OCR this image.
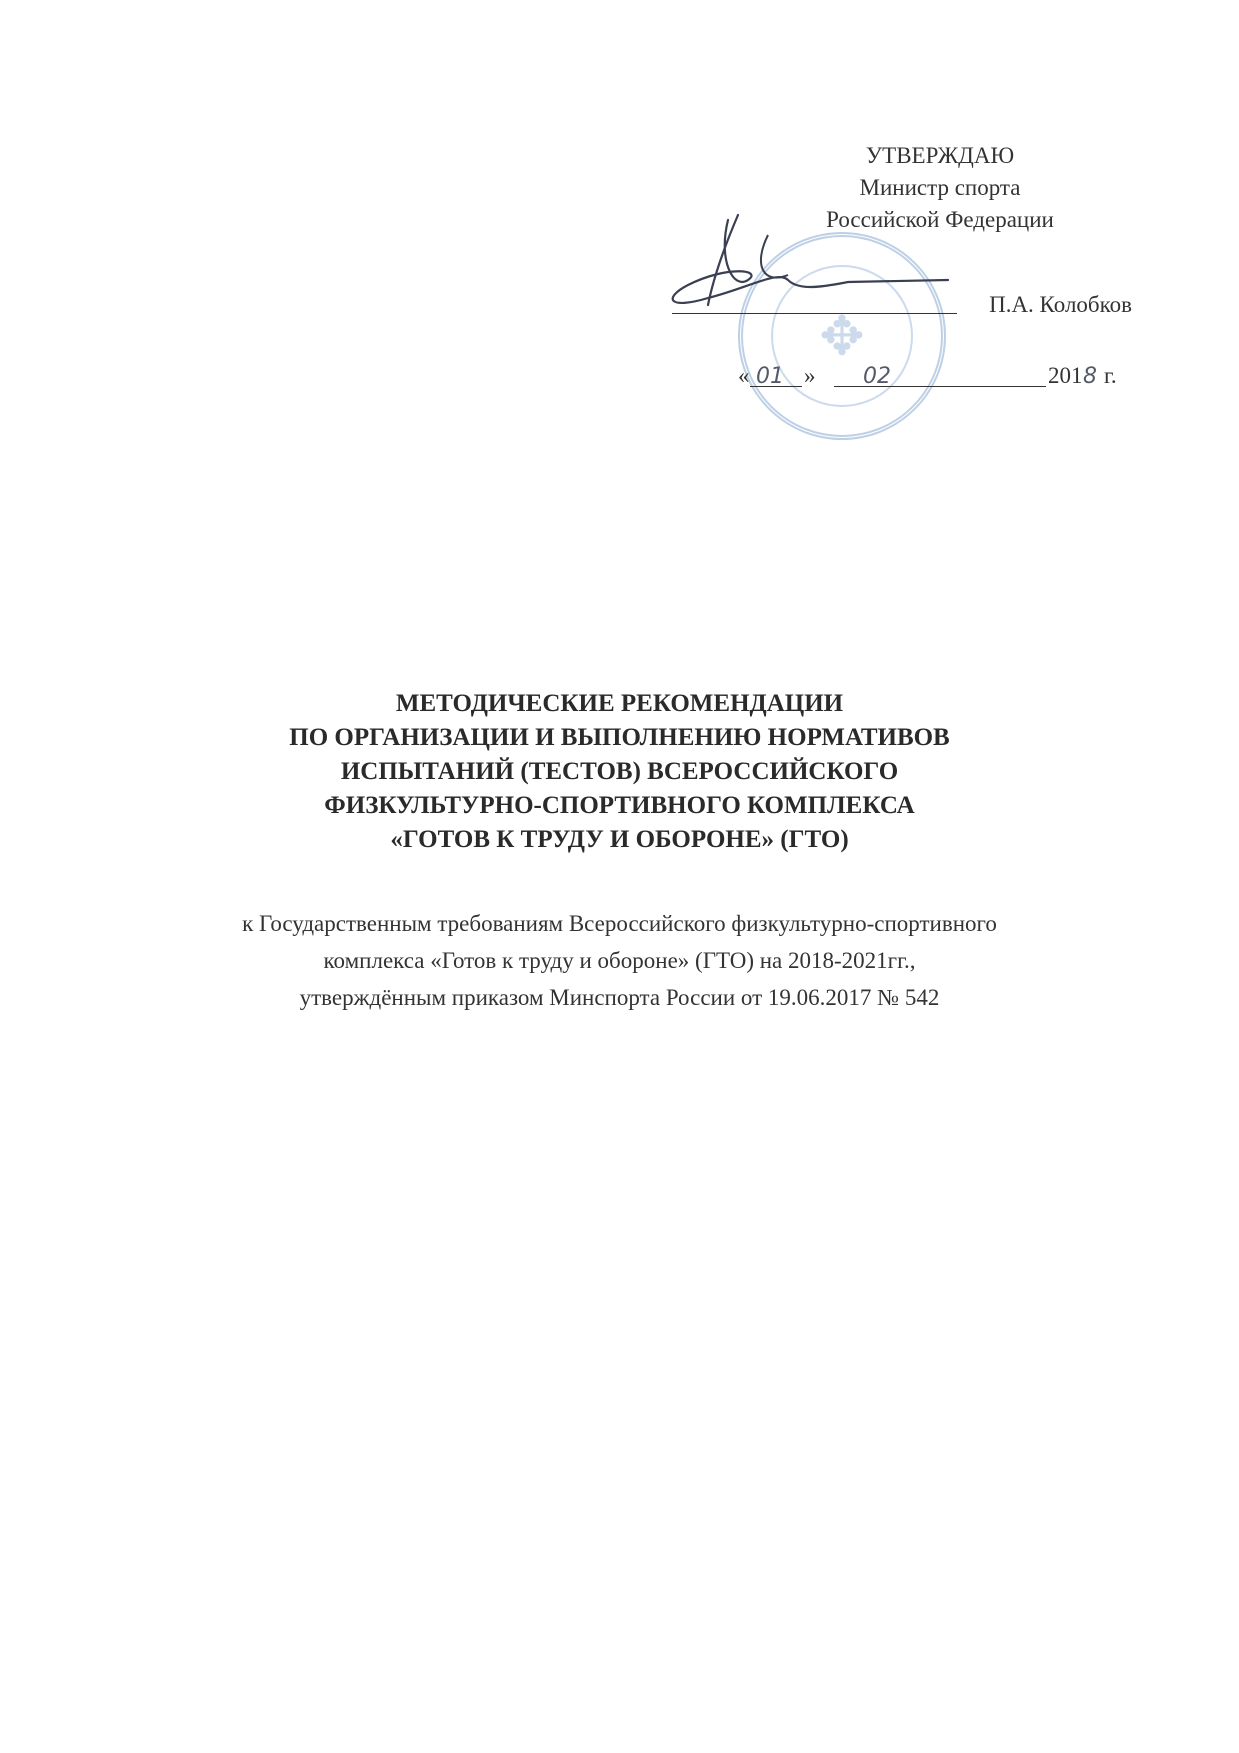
УТВЕРЖДАЮ
Министр спорта
Российской Федерации
✥	П.А. Колобков
« 01 » 02	201 8 г.
МЕТОДИЧЕСКИЕ РЕКОМЕНДАЦИИ
ПО ОРГАНИЗАЦИИ И ВЫПОЛНЕНИЮ НОРМАТИВОВ
ИСПЫТАНИЙ (ТЕСТОВ) ВСЕРОССИЙСКОГО
ФИЗКУЛЬТУРНО-СПОРТИВНОГО КОМПЛЕКСА
«ГОТОВ К ТРУДУ И ОБОРОНЕ» (ГТО)
к Государственным требованиям Всероссийского физкультурно-спортивного
комплекса «Готов к труду и обороне» (ГТО) на 2018-2021гг.,
утверждённым приказом Минспорта России от 19.06.2017 № 542
